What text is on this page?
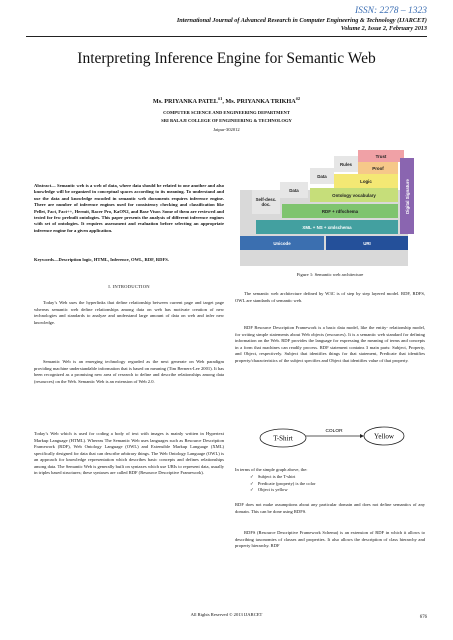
ISSN: 2278 – 1323
International Journal of Advanced Research in Computer Engineering & Technology (IJARCET)
Volume 2, Issue 2, February 2013
Interpreting Inference Engine for Semantic Web
Ms. PRIYANKA PATEL$^{\#1}$, Ms. PRIYANKA TRIKHA$^{\#2}$
COMPUTER SCIENCE AND ENGINEERING DEPARTMENT
SRI BALAJI COLLEGE OF ENGINEERING & TECHNOLOGY
Jaipur-302012
Abstract— Semantic web is a web of data, where data should be related to one another and also knowledge will be organized in conceptual spaces according to its meaning. To understand and use the data and knowledge encoded in semantic web documents requires inference engine. There are number of inference engines used for consistency checking and classification like Pellet, Fact, Fact++, Hermit, Racer Pro, KaON2, and Base Visor. Some of them are reviewed and tested for few prebuilt ontologies. This paper presents the analysis of different inference engines with set of ontologies. It requires assessment and evaluation before selecting an appropriate inference engine for a given application.
Keywords—Description logic, HTML, Inference, OWL, RDF, RDFS.
I. INTRODUCTION
Today’s Web uses the hyperlinks that define relationship between current page and target page whereas semantic web define relationships among data on web has motivate creation of new technologies and standards to analyze and understand large amount of data on web and infer new knowledge.
Semantic Web is an emerging technology regarded as the next generate on Web paradigm providing machine understandable information that is based on meaning (Tim Berners-Lee 2001). It has been recognized as a promising new area of research to define and describe relationships among data (resources) on the Web. Semantic Web is an extension of Web 2.0.
Today’s Web which is used for coding a body of text with images is mainly written in Hypertext Markup Language (HTML). Whereas The Semantic Web uses languages such as Resource Description Framework (RDF), Web Ontology Language (OWL) and Extensible Markup Language (XML) specifically designed for data that can describe arbitrary things. The Web Ontology Language (OWL) is an approach for knowledge representation which describes basic concepts and defines relationships among data. The Semantic Web is generally built on syntaxes which use URIs to represent data, usually in triples based structures; these syntaxes are called RDF (Resource Descriptive Framework).
Trust
Rules
Proof
Data
Logic
Data
Self-desc. doc.
Ontology vocabulary
RDF + rdfschema
XML + NS + xmlschema
Unicode	URI
Digital Signature
Figure 1: Semantic web architecture
The semantic web architecture defined by W3C is of step by step layered model. RDF, RDFS, OWL are standards of semantic web.
RDF Resource Description Framework is a basic data model, like the entity- relationship model, for writing simple statements about Web objects (resources). It is a semantic web standard for defining information on the Web. RDF provides the language for expressing the meaning of terms and concepts in a form that machines can readily process. RDF statement contains 3 main parts: Subject, Property, and Object, respectively. Subject that identifies things for that statement, Predicate that identifies property/characteristics of the subject specifies and Object that identifies value of that property.
T-Shirt
COLOR
Yellow
In terms of the simple graph above, the:
✓ Subject is the T-shirt
✓ Predicate (property) is the color
✓ Object is yellow
RDF does not make assumptions about any particular domain and does not define semantics of any domain. This can be done using RDFS.
RDFS (Resource Descriptive Framework Schema) is an extension of RDF in which it allows to describing taxonomies of classes and properties. It also allows the description of class hierarchy and property hierarchy. RDF
All Rights Reserved © 2013 IJARCET
676
